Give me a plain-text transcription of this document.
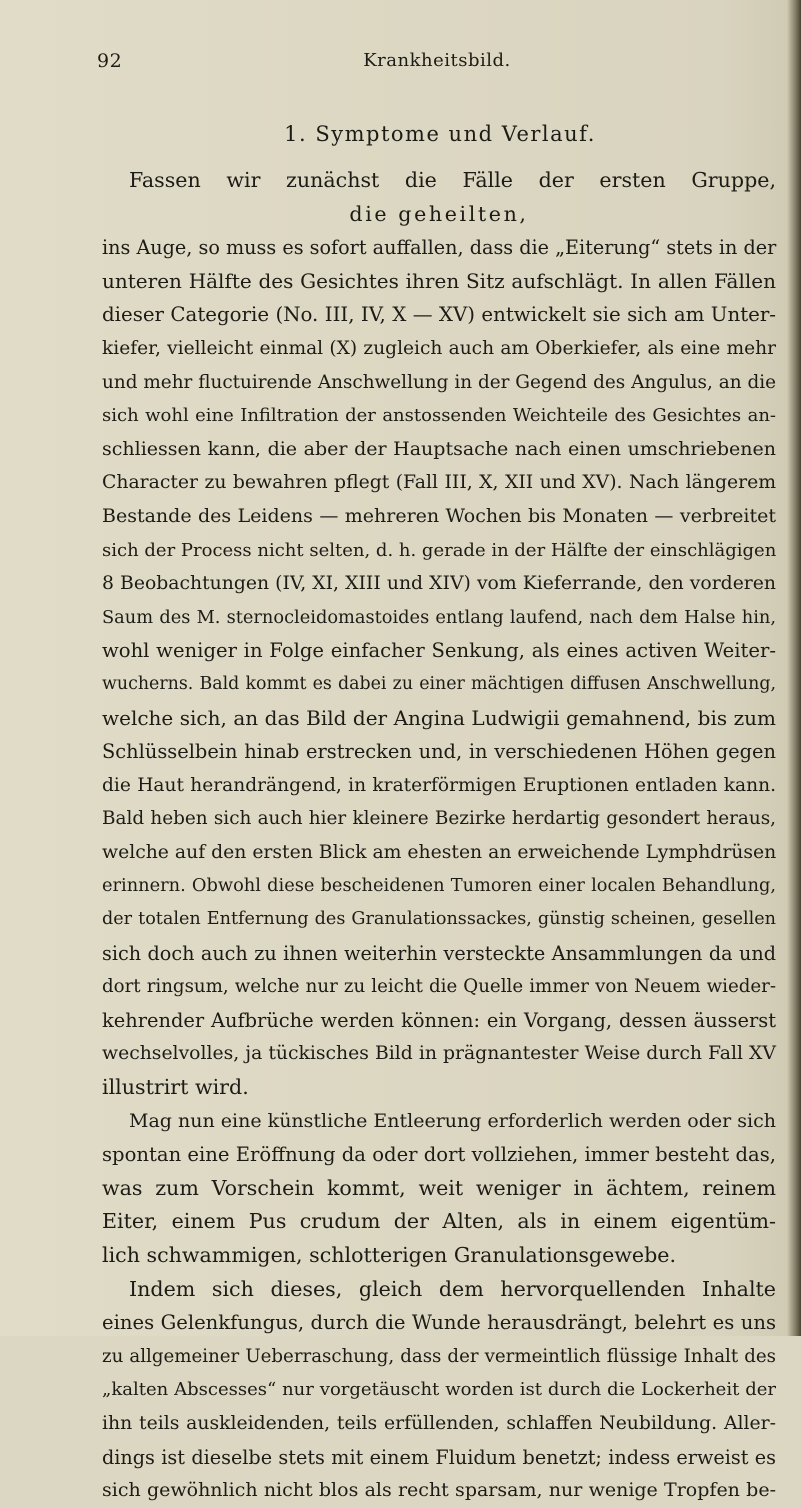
92	Krankheitsbild.
1. Symptome und Verlauf.
Fassen wir zunächst die Fälle der ersten Gruppe,
die geheilten,
ins Auge, so muss es sofort auffallen, dass die „Eiterung“ stets in der
unteren Hälfte des Gesichtes ihren Sitz aufschlägt. In allen Fällen
dieser Categorie (No. III, IV, X — XV) entwickelt sie sich am Unter-
kiefer, vielleicht einmal (X) zugleich auch am Oberkiefer, als eine mehr
und mehr fluctuirende Anschwellung in der Gegend des Angulus, an die
sich wohl eine Infiltration der anstossenden Weichteile des Gesichtes an-
schliessen kann, die aber der Hauptsache nach einen umschriebenen
Character zu bewahren pflegt (Fall III, X, XII und XV). Nach längerem
Bestande des Leidens — mehreren Wochen bis Monaten — verbreitet
sich der Process nicht selten, d. h. gerade in der Hälfte der einschlägigen
8 Beobachtungen (IV, XI, XIII und XIV) vom Kieferrande, den vorderen
Saum des M. sternocleidomastoides entlang laufend, nach dem Halse hin,
wohl weniger in Folge einfacher Senkung, als eines activen Weiter-
wucherns. Bald kommt es dabei zu einer mächtigen diffusen Anschwellung,
welche sich, an das Bild der Angina Ludwigii gemahnend, bis zum
Schlüsselbein hinab erstrecken und, in verschiedenen Höhen gegen
die Haut herandrängend, in kraterförmigen Eruptionen entladen kann.
Bald heben sich auch hier kleinere Bezirke herdartig gesondert heraus,
welche auf den ersten Blick am ehesten an erweichende Lymphdrüsen
erinnern. Obwohl diese bescheidenen Tumoren einer localen Behandlung,
der totalen Entfernung des Granulationssackes, günstig scheinen, gesellen
sich doch auch zu ihnen weiterhin versteckte Ansammlungen da und
dort ringsum, welche nur zu leicht die Quelle immer von Neuem wieder-
kehrender Aufbrüche werden können: ein Vorgang, dessen äusserst
wechselvolles, ja tückisches Bild in prägnantester Weise durch Fall XV
illustrirt wird.
Mag nun eine künstliche Entleerung erforderlich werden oder sich
spontan eine Eröffnung da oder dort vollziehen, immer besteht das,
was zum Vorschein kommt, weit weniger in ächtem, reinem
Eiter, einem Pus crudum der Alten, als in einem eigentüm-
lich schwammigen, schlotterigen Granulationsgewebe.
Indem sich dieses, gleich dem hervorquellenden Inhalte
eines Gelenkfungus, durch die Wunde herausdrängt, belehrt es uns
zu allgemeiner Ueberraschung, dass der vermeintlich flüssige Inhalt des
„kalten Abscesses“ nur vorgetäuscht worden ist durch die Lockerheit der
ihn teils auskleidenden, teils erfüllenden, schlaffen Neubildung. Aller-
dings ist dieselbe stets mit einem Fluidum benetzt; indess erweist es
sich gewöhnlich nicht blos als recht sparsam, nur wenige Tropfen be-
